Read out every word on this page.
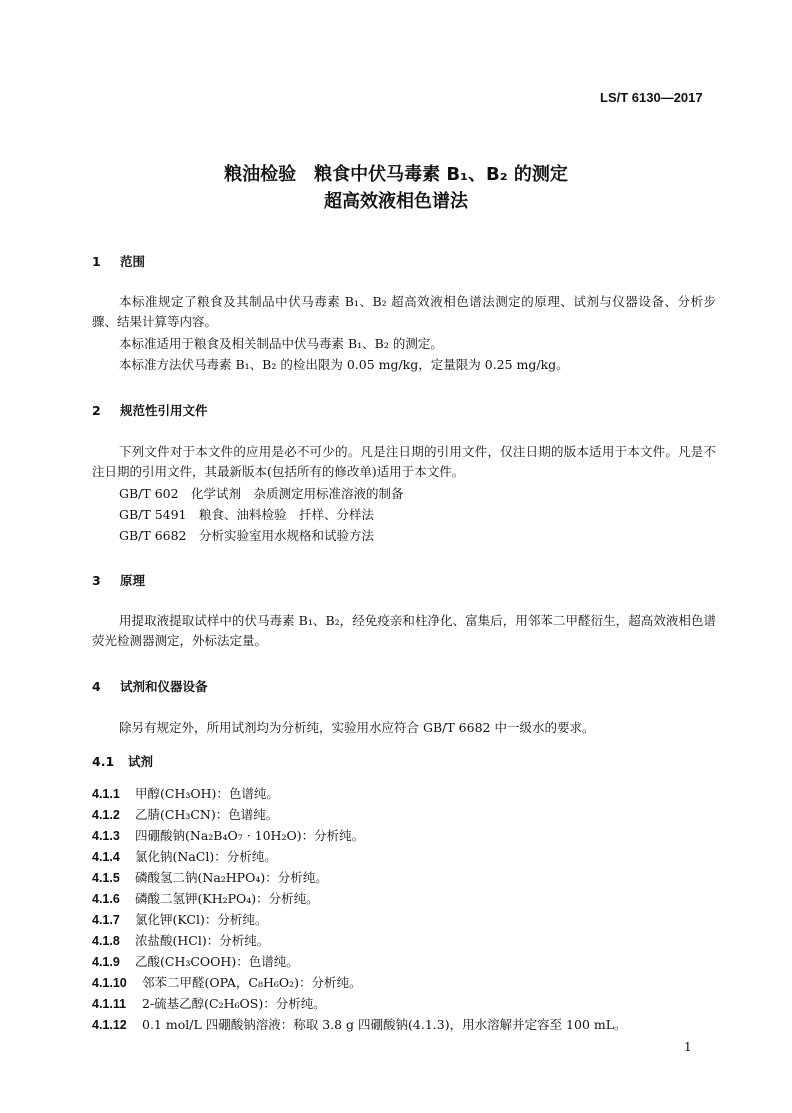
LS/T 6130—2017
粮油检验　粮食中伏马毒素 B₁、B₂ 的测定
超高效液相色谱法
1 范围
本标准规定了粮食及其制品中伏马毒素 B₁、B₂ 超高效液相色谱法测定的原理、试剂与仪器设备、分析步骤、结果计算等内容。
本标准适用于粮食及相关制品中伏马毒素 B₁、B₂ 的测定。
本标准方法伏马毒素 B₁、B₂ 的检出限为 0.05 mg/kg，定量限为 0.25 mg/kg。
2 规范性引用文件
下列文件对于本文件的应用是必不可少的。凡是注日期的引用文件，仅注日期的版本适用于本文件。凡是不注日期的引用文件，其最新版本(包括所有的修改单)适用于本文件。
GB/T 602　化学试剂　杂质测定用标准溶液的制备
GB/T 5491　粮食、油料检验　扦样、分样法
GB/T 6682　分析实验室用水规格和试验方法
3 原理
用提取液提取试样中的伏马毒素 B₁、B₂，经免疫亲和柱净化、富集后，用邻苯二甲醛衍生，超高效液相色谱荧光检测器测定，外标法定量。
4 试剂和仪器设备
除另有规定外，所用试剂均为分析纯，实验用水应符合 GB/T 6682 中一级水的要求。
4.1 试剂
4.1.1 甲醇(CH₃OH)：色谱纯。
4.1.2 乙腈(CH₃CN)：色谱纯。
4.1.3 四硼酸钠(Na₂B₄O₇ · 10H₂O)：分析纯。
4.1.4 氯化钠(NaCl)：分析纯。
4.1.5 磷酸氢二钠(Na₂HPO₄)：分析纯。
4.1.6 磷酸二氢钾(KH₂PO₄)：分析纯。
4.1.7 氯化钾(KCl)：分析纯。
4.1.8 浓盐酸(HCl)：分析纯。
4.1.9 乙酸(CH₃COOH)：色谱纯。
4.1.10 邻苯二甲醛(OPA，C₈H₆O₂)：分析纯。
4.1.11 2-硫基乙醇(C₂H₆OS)：分析纯。
4.1.12 0.1 mol/L 四硼酸钠溶液：称取 3.8 g 四硼酸钠(4.1.3)，用水溶解并定容至 100 mL。
1
